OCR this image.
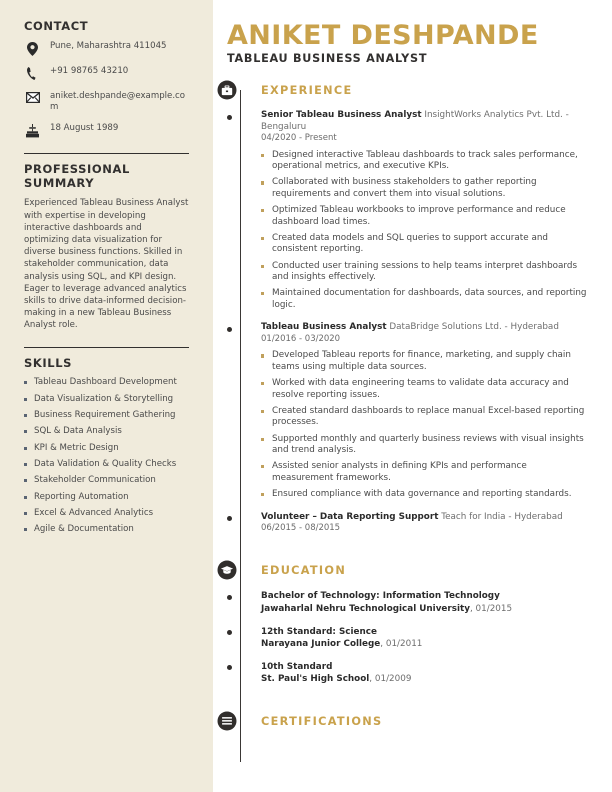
CONTACT
Pune, Maharashtra 411045
+91 98765 43210
aniket.deshpande@example.com
18 August 1989
PROFESSIONAL SUMMARY

Experienced Tableau Business Analyst with expertise in developing interactive dashboards and optimizing data visualization for diverse business functions. Skilled in stakeholder communication, data analysis using SQL, and KPI design. Eager to leverage advanced analytics skills to drive data-informed decision-making in a new Tableau Business Analyst role.

SKILLS
Tableau Dashboard Development
Data Visualization & Storytelling
Business Requirement Gathering
SQL & Data Analysis
KPI & Metric Design
Data Validation & Quality Checks
Stakeholder Communication
Reporting Automation
Excel & Advanced Analytics
Agile & Documentation
ANIKET DESHPANDE
TABLEAU BUSINESS ANALYST
EXPERIENCE
Senior Tableau Business Analyst InsightWorks Analytics Pvt. Ltd. - Bengaluru
04/2020 - Present
Designed interactive Tableau dashboards to track sales performance, operational metrics, and executive KPIs.
Collaborated with business stakeholders to gather reporting requirements and convert them into visual solutions.
Optimized Tableau workbooks to improve performance and reduce dashboard load times.
Created data models and SQL queries to support accurate and consistent reporting.
Conducted user training sessions to help teams interpret dashboards and insights effectively.
Maintained documentation for dashboards, data sources, and reporting logic.
Tableau Business Analyst DataBridge Solutions Ltd. - Hyderabad
01/2016 - 03/2020
Developed Tableau reports for finance, marketing, and supply chain teams using multiple data sources.
Worked with data engineering teams to validate data accuracy and resolve reporting issues.
Created standard dashboards to replace manual Excel-based reporting processes.
Supported monthly and quarterly business reviews with visual insights and trend analysis.
Assisted senior analysts in defining KPIs and performance measurement frameworks.
Ensured compliance with data governance and reporting standards.
Volunteer – Data Reporting Support Teach for India - Hyderabad
06/2015 - 08/2015
EDUCATION
Bachelor of Technology: Information Technology
Jawaharlal Nehru Technological University, 01/2015
12th Standard: Science
Narayana Junior College, 01/2011
10th Standard
St. Paul's High School, 01/2009
CERTIFICATIONS
